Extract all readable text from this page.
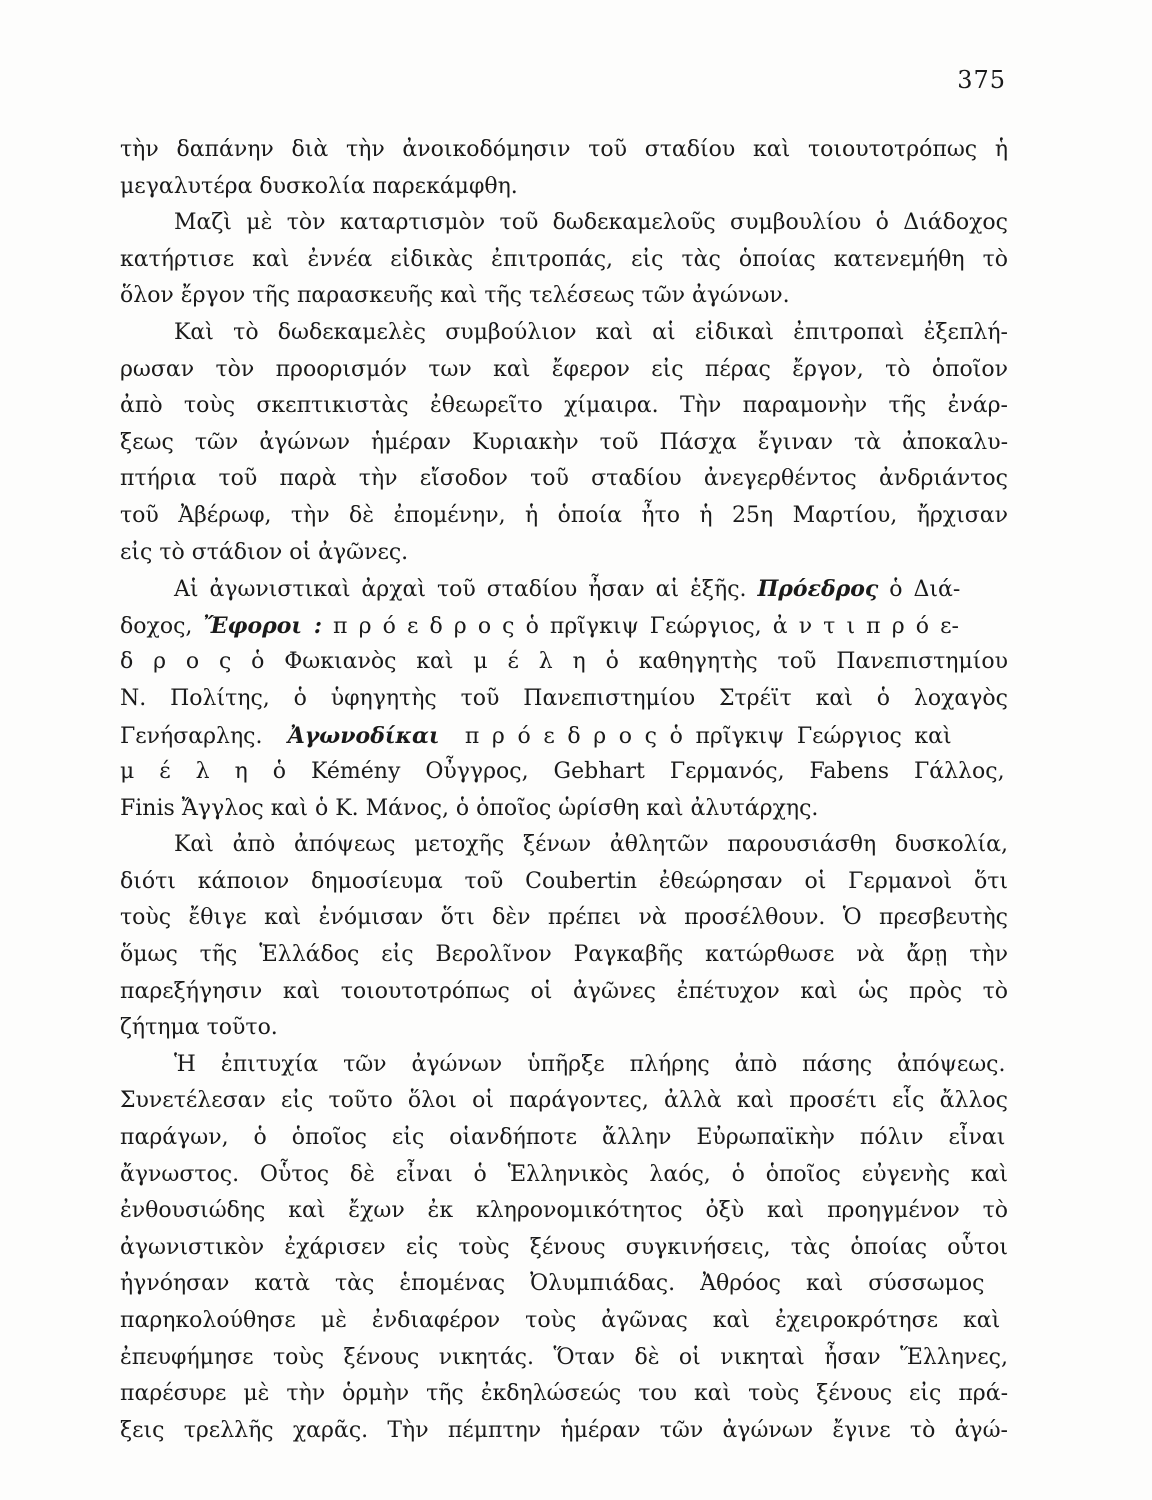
375
τὴν δαπάνην διὰ τὴν ἀνοικοδόμησιν τοῦ σταδίου καὶ τοιουτοτρόπως ἡ
μεγαλυτέρα δυσκολία παρεκάμφθη.
Μαζὶ μὲ τὸν καταρτισμὸν τοῦ δωδεκαμελοῦς συμβουλίου ὁ Διάδοχος
κατήρτισε καὶ ἐννέα εἰδικὰς ἐπιτροπάς, εἰς τὰς ὁποίας κατενεμήθη τὸ
ὅλον ἔργον τῆς παρασκευῆς καὶ τῆς τελέσεως τῶν ἀγώνων.
Καὶ τὸ δωδεκαμελὲς συμβούλιον καὶ αἱ εἰδικαὶ ἐπιτροπαὶ ἐξεπλή-
ρωσαν τὸν προορισμόν των καὶ ἔφερον εἰς πέρας ἔργον, τὸ ὁποῖον
ἀπὸ τοὺς σκεπτικιστὰς ἐθεωρεῖτο χίμαιρα. Τὴν παραμονὴν τῆς ἐνάρ-
ξεως τῶν ἀγώνων ἡμέραν Κυριακὴν τοῦ Πάσχα ἔγιναν τὰ ἀποκαλυ-
πτήρια τοῦ παρὰ τὴν εἴσοδον τοῦ σταδίου ἀνεγερθέντος ἀνδριάντος
τοῦ Ἀβέρωφ, τὴν δὲ ἐπομένην, ἡ ὁποία ἦτο ἡ 25η Μαρτίου, ἤρχισαν
εἰς τὸ στάδιον οἱ ἀγῶνες.
Αἱ ἀγωνιστικαὶ ἀρχαὶ τοῦ σταδίου ἦσαν αἱ ἑξῆς. Πρόεδρος ὁ Διά-
δοχος, Ἔφοροι : π ρ ό ε δ ρ ο ς ὁ πρῖγκιψ Γεώργιος, ἀ ν τ ι π ρ ό ε-
δ ρ ο ς ὁ Φωκιανὸς καὶ μ έ λ η ὁ καθηγητὴς τοῦ Πανεπιστημίου
Ν. Πολίτης, ὁ ὑφηγητὴς τοῦ Πανεπιστημίου Στρέϊτ καὶ ὁ λοχαγὸς
Γενήσαρλης. Ἀγωνοδίκαι π ρ ό ε δ ρ ο ς ὁ πρῖγκιψ Γεώργιος καὶ
μ έ λ η ὁ Kémény Οὖγγρος, Gebhart Γερμανός, Fabens Γάλλος,
Finis Ἄγγλος καὶ ὁ Κ. Μάνος, ὁ ὁποῖος ὡρίσθη καὶ ἀλυτάρχης.
Καὶ ἀπὸ ἀπόψεως μετοχῆς ξένων ἀθλητῶν παρουσιάσθη δυσκολία,
διότι κάποιον δημοσίευμα τοῦ Coubertin ἐθεώρησαν οἱ Γερμανοὶ ὅτι
τοὺς ἔθιγε καὶ ἐνόμισαν ὅτι δὲν πρέπει νὰ προσέλθουν. Ὁ πρεσβευτὴς
ὅμως τῆς Ἑλλάδος εἰς Βερολῖνον Ραγκαβῆς κατώρθωσε νὰ ἄρῃ τὴν
παρεξήγησιν καὶ τοιουτοτρόπως οἱ ἀγῶνες ἐπέτυχον καὶ ὡς πρὸς τὸ
ζήτημα τοῦτο.
Ἡ ἐπιτυχία τῶν ἀγώνων ὑπῆρξε πλήρης ἀπὸ πάσης ἀπόψεως.
Συνετέλεσαν εἰς τοῦτο ὅλοι οἱ παράγοντες, ἀλλὰ καὶ προσέτι εἷς ἄλλος
παράγων, ὁ ὁποῖος εἰς οἱανδήποτε ἄλλην Εὐρωπαϊκὴν πόλιν εἶναι
ἄγνωστος. Οὗτος δὲ εἶναι ὁ Ἑλληνικὸς λαός, ὁ ὁποῖος εὐγενὴς καὶ
ἐνθουσιώδης καὶ ἔχων ἐκ κληρονομικότητος ὀξὺ καὶ προηγμένον τὸ
ἀγωνιστικὸν ἐχάρισεν εἰς τοὺς ξένους συγκινήσεις, τὰς ὁποίας οὗτοι
ἠγνόησαν κατὰ τὰς ἑπομένας Ὀλυμπιάδας. Ἀθρόος καὶ σύσσωμος
παρηκολούθησε μὲ ἐνδιαφέρον τοὺς ἀγῶνας καὶ ἐχειροκρότησε καὶ
ἐπευφήμησε τοὺς ξένους νικητάς. Ὅταν δὲ οἱ νικηταὶ ἦσαν Ἕλληνες,
παρέσυρε μὲ τὴν ὁρμὴν τῆς ἐκδηλώσεώς του καὶ τοὺς ξένους εἰς πρά-
ξεις τρελλῆς χαρᾶς. Τὴν πέμπτην ἡμέραν τῶν ἀγώνων ἔγινε τὸ ἀγώ-
